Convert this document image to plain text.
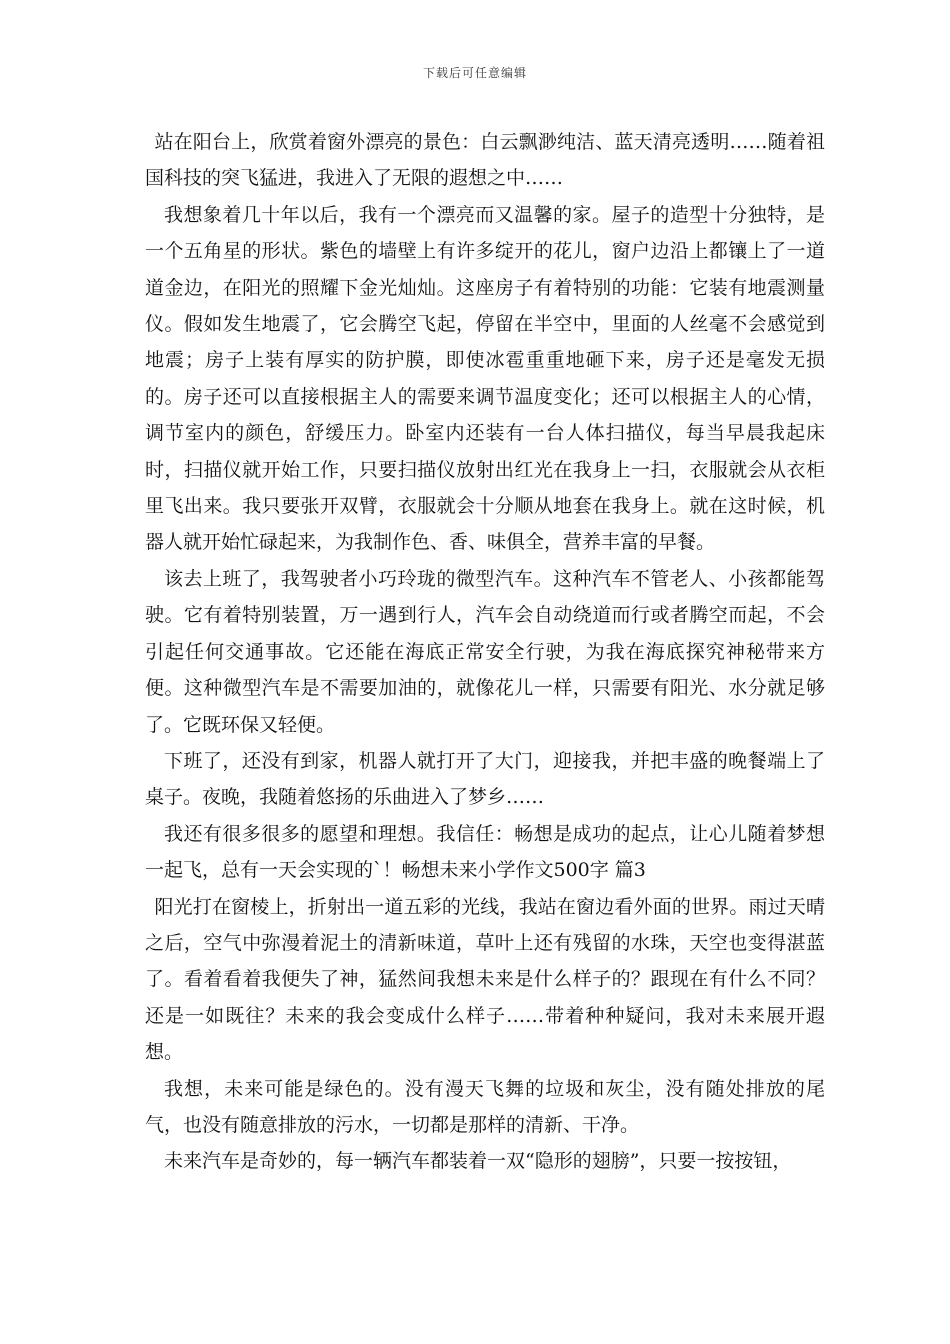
下载后可任意编辑

站在阳台上，欣赏着窗外漂亮的景色：白云飘渺纯洁、蓝天清亮透明……随着祖国科技的突飞猛进，我进入了无限的遐想之中……

我想象着几十年以后，我有一个漂亮而又温馨的家。屋子的造型十分独特，是一个五角星的形状。紫色的墙壁上有许多绽开的花儿，窗户边沿上都镶上了一道道金边，在阳光的照耀下金光灿灿。这座房子有着特别的功能：它装有地震测量仪。假如发生地震了，它会腾空飞起，停留在半空中，里面的人丝毫不会感觉到地震；房子上装有厚实的防护膜，即使冰雹重重地砸下来，房子还是毫发无损的。房子还可以直接根据主人的需要来调节温度变化；还可以根据主人的心情，调节室内的颜色，舒缓压力。卧室内还装有一台人体扫描仪，每当早晨我起床时，扫描仪就开始工作，只要扫描仪放射出红光在我身上一扫，衣服就会从衣柜里飞出来。我只要张开双臂，衣服就会十分顺从地套在我身上。就在这时候，机器人就开始忙碌起来，为我制作色、香、味俱全，营养丰富的早餐。

该去上班了，我驾驶者小巧玲珑的微型汽车。这种汽车不管老人、小孩都能驾驶。它有着特别装置，万一遇到行人，汽车会自动绕道而行或者腾空而起，不会引起任何交通事故。它还能在海底正常安全行驶，为我在海底探究神秘带来方便。这种微型汽车是不需要加油的，就像花儿一样，只需要有阳光、水分就足够了。它既环保又轻便。

下班了，还没有到家，机器人就打开了大门，迎接我，并把丰盛的晚餐端上了桌子。夜晚，我随着悠扬的乐曲进入了梦乡……

我还有很多很多的愿望和理想。我信任：畅想是成功的起点，让心儿随着梦想一起飞，总有一天会实现的`！畅想未来小学作文500字 篇3

阳光打在窗棱上，折射出一道五彩的光线，我站在窗边看外面的世界。雨过天晴之后，空气中弥漫着泥土的清新味道，草叶上还有残留的水珠，天空也变得湛蓝了。看着看着我便失了神，猛然间我想未来是什么样子的？跟现在有什么不同？还是一如既往？未来的我会变成什么样子……带着种种疑问，我对未来展开遐想。

我想，未来可能是绿色的。没有漫天飞舞的垃圾和灰尘，没有随处排放的尾气，也没有随意排放的污水，一切都是那样的清新、干净。

未来汽车是奇妙的，每一辆汽车都装着一双“隐形的翅膀”，只要一按按钮，
